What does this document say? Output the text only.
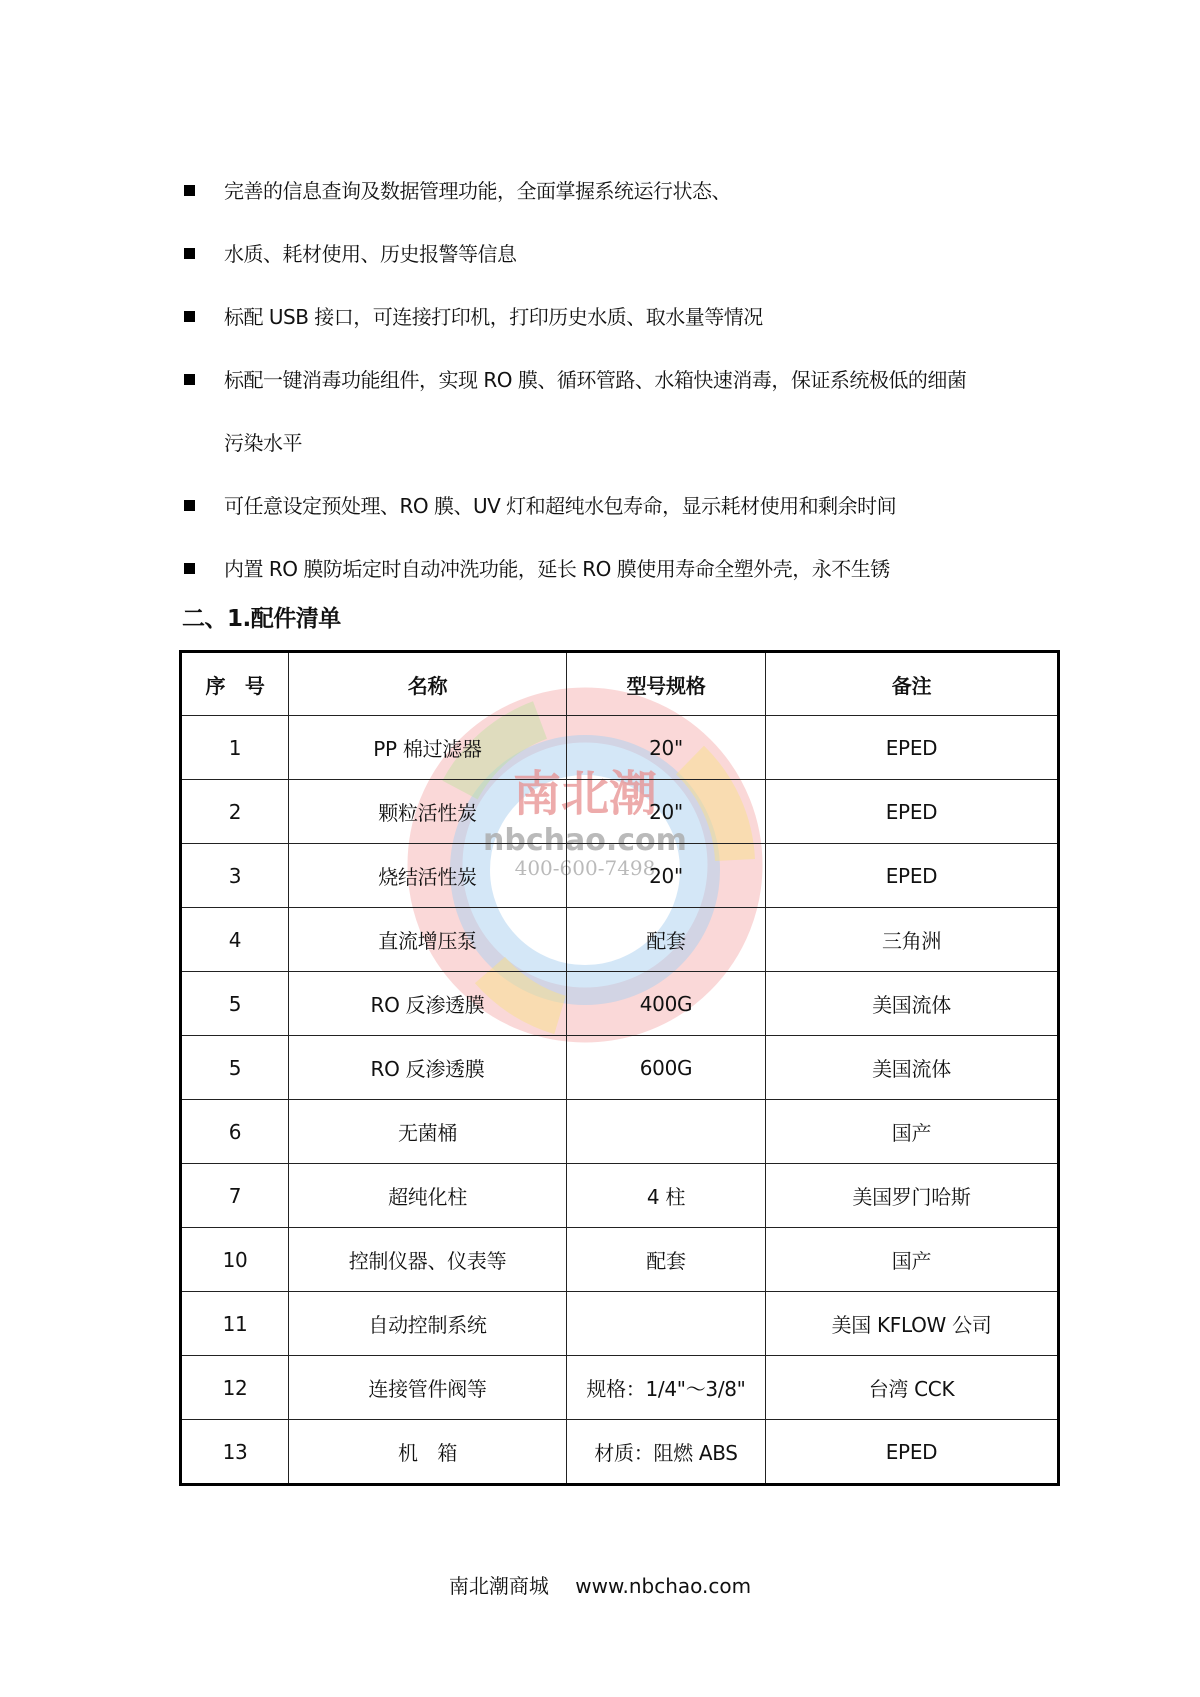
完善的信息查询及数据管理功能，全面掌握系统运行状态、
水质、耗材使用、历史报警等信息
标配 USB 接口，可连接打印机，打印历史水质、取水量等情况
标配一键消毒功能组件，实现 RO 膜、循环管路、水箱快速消毒，保证系统极低的细菌
污染水平
可任意设定预处理、RO 膜、UV 灯和超纯水包寿命，显示耗材使用和剩余时间
内置 RO 膜防垢定时自动冲洗功能，延长 RO 膜使用寿命全塑外壳，永不生锈
二、1.配件清单
南北潮
nbchao.com
400-600-7498
序　号	名称	型号规格	备注
1	PP 棉过滤器	20"	EPED
2	颗粒活性炭	20"	EPED
3	烧结活性炭	20"	EPED
4	直流增压泵	配套	三角洲
5	RO 反渗透膜	400G	美国流体
5	RO 反渗透膜	600G	美国流体
6	无菌桶		国产
7	超纯化柱	4 柱	美国罗门哈斯
10	控制仪器、仪表等	配套	国产
11	自动控制系统		美国 KFLOW 公司
12	连接管件阀等	规格：1/4"～3/8"	台湾 CCK
13	机　箱	材质：阻燃 ABS	EPED
南北潮商城 www.nbchao.com
